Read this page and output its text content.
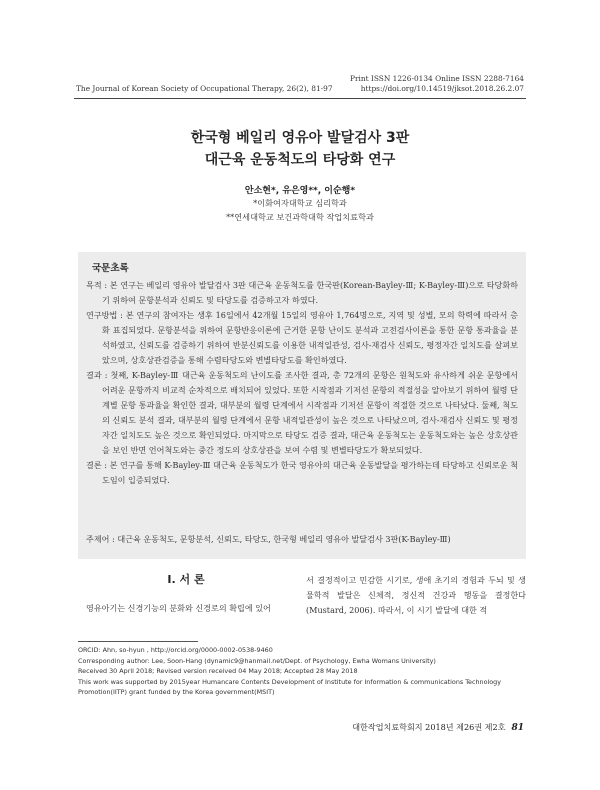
The Journal of Korean Society of Occupational Therapy, 26(2), 81-97
Print ISSN 1226-0134 Online ISSN 2288-7164
https://doi.org/10.14519/jksot.2018.26.2.07
한국형 베일리 영유아 발달검사 3판
대근육 운동척도의 타당화 연구
안소현*, 유은영**, 이순행*
*이화여자대학교 심리학과
**연세대학교 보건과학대학 작업치료학과
국문초록

목적 : 본 연구는 베일리 영유아 발달검사 3판 대근육 운동척도를 한국판(Korean-Bayley-Ⅲ; K-Bayley-Ⅲ)으로 타당화하기 위하여 문항분석과 신뢰도 및 타당도를 검증하고자 하였다.

연구방법 : 본 연구의 참여자는 생후 16일에서 42개월 15일의 영유아 1,764명으로, 지역 및 성별, 모의 학력에 따라서 층화 표집되었다. 문항분석을 위하여 문항반응이론에 근거한 문항 난이도 분석과 고전검사이론을 통한 문항 통과율을 분석하였고, 신뢰도를 검증하기 위하여 반분신뢰도를 이용한 내적일관성, 검사-재검사 신뢰도, 평정자간 일치도를 살펴보았으며, 상호상관검증을 통해 수렴타당도와 변별타당도를 확인하였다.

결과 : 첫째, K-Bayley-Ⅲ 대근육 운동척도의 난이도를 조사한 결과, 총 72개의 문항은 원척도와 유사하게 쉬운 문항에서 어려운 문항까지 비교적 순차적으로 배치되어 있었다. 또한 시작점과 기저선 문항의 적절성을 알아보기 위하여 월령 단계별 문항 통과율을 확인한 결과, 대부분의 월령 단계에서 시작점과 기저선 문항이 적절한 것으로 나타났다. 둘째, 척도의 신뢰도 분석 결과, 대부분의 월령 단계에서 문항 내적일관성이 높은 것으로 나타났으며, 검사-재검사 신뢰도 및 평정자간 일치도도 높은 것으로 확인되었다. 마지막으로 타당도 검증 결과, 대근육 운동척도는 운동척도와는 높은 상호상관을 보인 반면 언어척도와는 중간 정도의 상호상관을 보여 수렴 및 변별타당도가 확보되었다.

결론 : 본 연구를 통해 K-Bayley-Ⅲ 대근육 운동척도가 한국 영유아의 대근육 운동발달을 평가하는데 타당하고 신뢰로운 척도임이 입증되었다.

주제어 : 대근육 운동척도, 문항분석, 신뢰도, 타당도, 한국형 베일리 영유아 발달검사 3판(K-Bayley-Ⅲ)
Ⅰ. 서 론
영유아기는 신경기능의 분화와 신경로의 확립에 있어
서 결정적이고 민감한 시기로, 생애 초기의 경험과 두뇌 및 생물학적 발달은 신체적, 정신적 건강과 행동을 결정한다(Mustard, 2006). 따라서, 이 시기 발달에 대한 적
ORCID: Ahn, so-hyun , http://orcid.org/0000-0002-0538-9460
Corresponding author: Lee, Soon-Hang (dynamic9@hanmail.net/Dept. of Psychology, Ewha Womans University)
Received 30 April 2018; Revised version received 04 May 2018; Accepted 28 May 2018
This work was supported by 2015year Humancare Contents Development of Institute for Information & communications Technology Promotion(IITP) grant funded by the Korea government(MSIT)
대한작업치료학회지 2018년 제26권 제2호 81
